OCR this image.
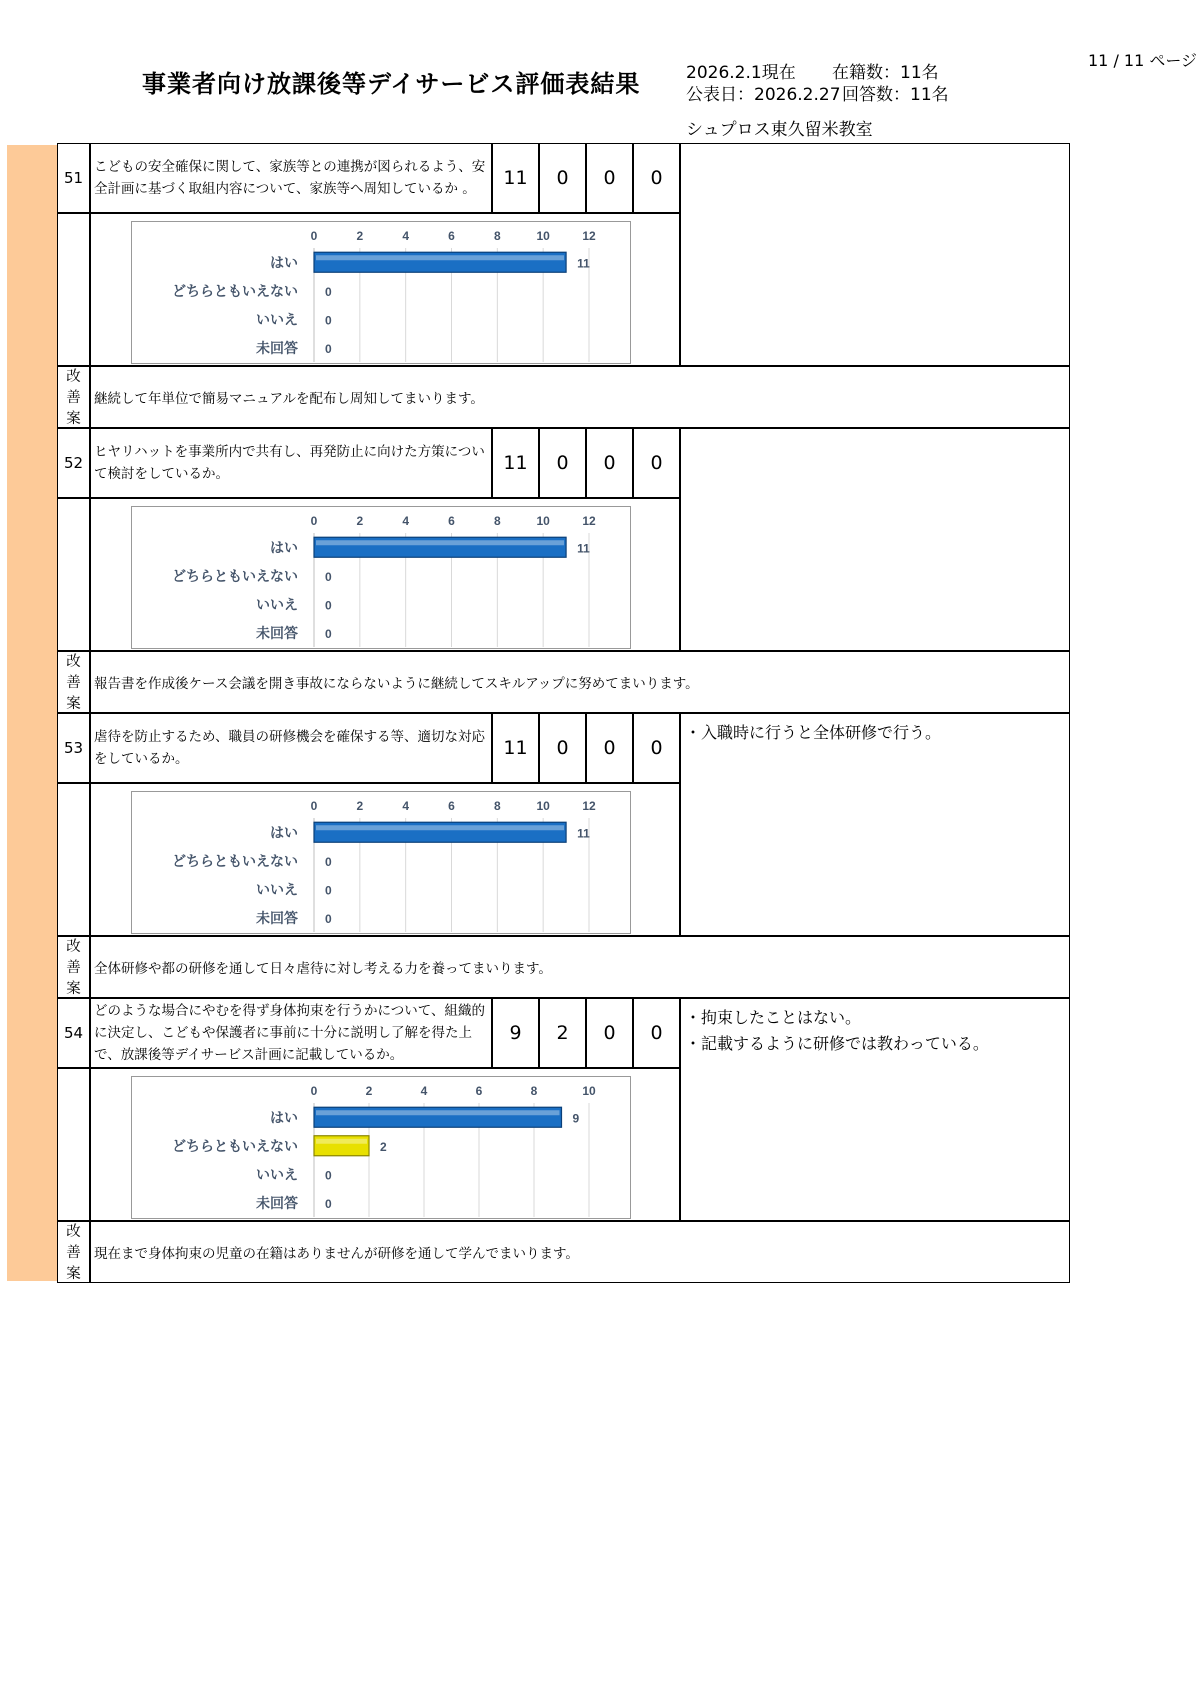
事業者向け放課後等デイサービス評価表結果	2026.2.1現在 在籍数：11名
公表日：2026.2.27 回答数：11名
シュプロス東久留米教室
11 / 11 ページ
51
こどもの安全確保に関して、家族等との連携が図られるよう、安全計画に基づく取組内容について、家族等へ周知しているか 。	11	0	0	0
0	2	4	6	8	10	12
はい	11
どちらともいえない 0
いいえ 0
未回答 0
改
善
案
継続して年単位で簡易マニュアルを配布し周知してまいります。
52
ヒヤリハットを事業所内で共有し、再発防止に向けた方策について検討をしているか。	11	0	0	0
0	2	4	6	8	10	12
はい	11
どちらともいえない 0
いいえ 0
未回答 0
改
善
案
報告書を作成後ケース会議を開き事故にならないように継続してスキルアップに努めてまいります。
53
虐待を防止するため、職員の研修機会を確保する等、適切な対応をしているか。	11	0	0	0
0	2	4	6	8	10	12
はい	11
どちらともいえない 0
いいえ 0
未回答 0
・入職時に行うと全体研修で行う。
改
善
案
全体研修や都の研修を通して日々虐待に対し考える力を養ってまいります。
54
どのような場合にやむを得ず身体拘束を行うかについて、組織的に決定し、こどもや保護者に事前に十分に説明し了解を得た上で、放課後等デイサービス計画に記載しているか。
9	2	0	0
0	2	4	6	8	10
はい	9
どちらともいえない	2
いいえ 0
未回答 0
・拘束したことはない。
・記載するように研修では教わっている。
改
善
案
現在まで身体拘束の児童の在籍はありませんが研修を通して学んでまいります。
